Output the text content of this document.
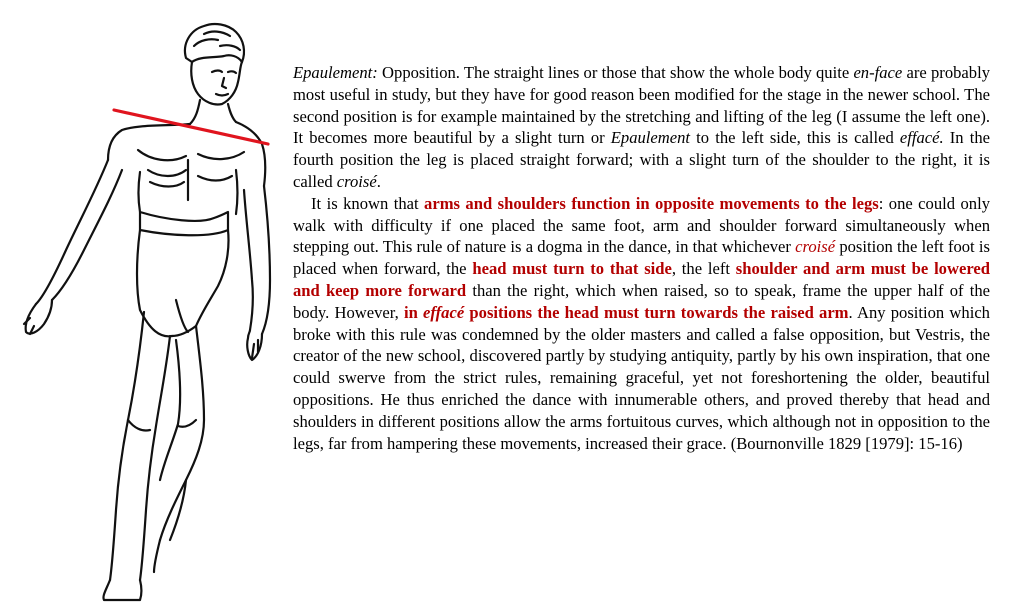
Epaulement: Opposition. The straight lines or those that show the whole body quite en-face are probably most useful in study, but they have for good reason been modified for the stage in the newer school. The second position is for example maintained by the stretching and lifting of the leg (I assume the left one). It becomes more beautiful by a slight turn or Epaulement to the left side, this is called effacé. In the fourth position the leg is placed straight forward; with a slight turn of the shoulder to the right, it is called croisé.

It is known that arms and shoulders function in opposite movements to the legs: one could only walk with difficulty if one placed the same foot, arm and shoulder forward simultaneously when stepping out. This rule of nature is a dogma in the dance, in that whichever croisé position the left foot is placed when forward, the head must turn to that side, the left shoulder and arm must be lowered and keep more forward than the right, which when raised, so to speak, frame the upper half of the body. However, in effacé positions the head must turn towards the raised arm. Any position which broke with this rule was condemned by the older masters and called a false opposition, but Vestris, the creator of the new school, discovered partly by studying antiquity, partly by his own inspiration, that one could swerve from the strict rules, remaining graceful, yet not foreshortening the older, beautiful oppositions. He thus enriched the dance with innumerable others, and proved thereby that head and shoulders in different positions allow the arms fortuitous curves, which although not in opposition to the legs, far from hampering these movements, increased their grace. (Bournonville 1829 [1979]: 15-16)
